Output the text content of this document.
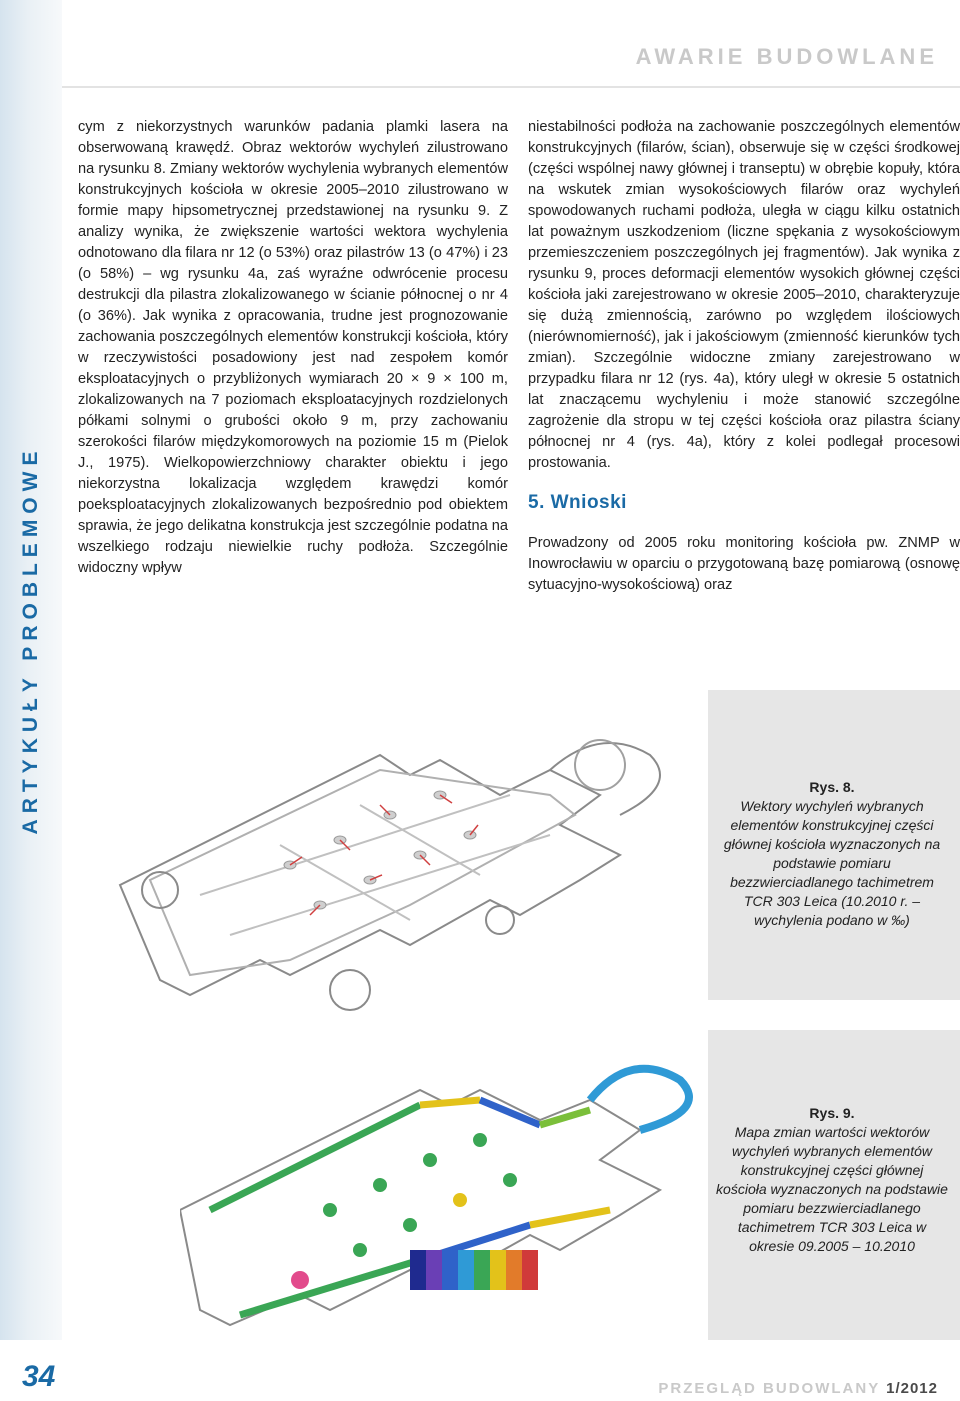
ARTYKUŁY PROBLEMOWE
AWARIE BUDOWLANE

cym z niekorzystnych warunków padania plamki lasera na obserwowaną krawędź. Obraz wektorów wychyleń zilustrowano na rysunku 8. Zmiany wektorów wychylenia wybranych elementów konstrukcyjnych kościoła w okresie 2005–2010 zilustrowano w formie mapy hipsometrycznej przedstawionej na rysunku 9. Z analizy wynika, że zwiększenie wartości wektora wychylenia odnotowano dla filara nr 12 (o 53%) oraz pilastrów 13 (o 47%) i 23 (o 58%) – wg rysunku 4a, zaś wyraźne odwrócenie procesu destrukcji dla pilastra zlokalizowanego w ścianie północnej o nr 4 (o 36%). Jak wynika z opracowania, trudne jest prognozowanie zachowania poszczególnych elementów konstrukcji kościoła, który w rzeczywistości posadowiony jest nad zespołem komór eksploatacyjnych o przybliżonych wymiarach 20 × 9 × 100 m, zlokalizowanych na 7 poziomach eksploatacyjnych rozdzielonych półkami solnymi o grubości około 9 m, przy zachowaniu szerokości filarów międzykomorowych na poziomie 15 m (Pielok J., 1975). Wielkopowierzchniowy charakter obiektu i jego niekorzystna lokalizacja względem krawędzi komór poeksploatacyjnych zlokalizowanych bezpośrednio pod obiektem sprawia, że jego delikatna konstrukcja jest szczególnie podatna na wszelkiego rodzaju niewielkie ruchy podłoża. Szczególnie widoczny wpływ

niestabilności podłoża na zachowanie poszczególnych elementów konstrukcyjnych (filarów, ścian), obserwuje się w części środkowej (części wspólnej nawy głównej i transeptu) w obrębie kopuły, która na wskutek zmian wysokościowych filarów oraz wychyleń spowodowanych ruchami podłoża, uległa w ciągu kilku ostatnich lat poważnym uszkodzeniom (liczne spękania z wysokościowym przemieszczeniem poszczególnych jej fragmentów). Jak wynika z rysunku 9, proces deformacji elementów wysokich głównej części kościoła jaki zarejestrowano w okresie 2005–2010, charakteryzuje się dużą zmiennością, zarówno po względem ilościowych (nierównomierność), jak i jakościowym (zmienność kierunków tych zmian). Szczególnie widoczne zmiany zarejestrowano w przypadku filara nr 12 (rys. 4a), który uległ w okresie 5 ostatnich lat znaczącemu wychyleniu i może stanowić szczególne zagrożenie dla stropu w tej części kościoła oraz pilastra ściany północnej nr 4 (rys. 4a), który z kolei podlegał procesowi prostowania.

5. Wnioski

Prowadzony od 2005 roku monitoring kościoła pw. ZNMP w Inowrocławiu w oparciu o przygotowaną bazę pomiarową (osnowę sytuacyjno-wysokościową) oraz

Rys. 8.
Wektory wychyleń wybranych elementów konstrukcyjnej części głównej kościoła wyznaczonych na podstawie pomiaru bezzwierciadlanego tachimetrem TCR 303 Leica (10.2010 r. – wychylenia podano w ‰)
Rys. 9.
Mapa zmian wartości wektorów wychyleń wybranych elementów konstrukcyjnej części głównej kościoła wyznaczonych na podstawie pomiaru bezzwierciadlanego tachimetrem TCR 303 Leica w okresie 09.2005 – 10.2010
34	PRZEGLĄD BUDOWLANY 1/2012
